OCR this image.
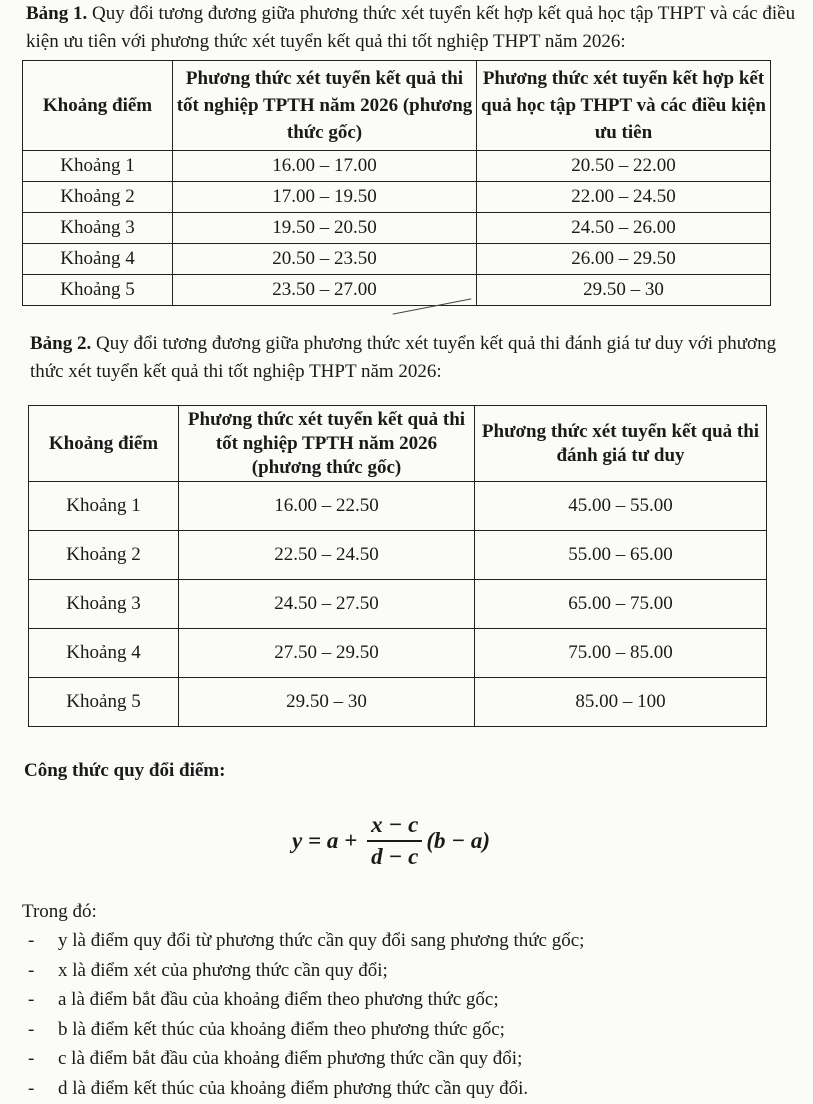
Bảng 1. Quy đổi tương đương giữa phương thức xét tuyển kết hợp kết quả học tập THPT và các điều kiện ưu tiên với phương thức xét tuyển kết quả thi tốt nghiệp THPT năm 2026:

Khoảng điểm	Phương thức xét tuyển kết quả thi tốt nghiệp TPTH năm 2026 (phương thức gốc)	Phương thức xét tuyển kết hợp kết quả học tập THPT và các điều kiện ưu tiên
Khoảng 1	16.00 – 17.00	20.50 – 22.00
Khoảng 2	17.00 – 19.50	22.00 – 24.50
Khoảng 3	19.50 – 20.50	24.50 – 26.00
Khoảng 4	20.50 – 23.50	26.00 – 29.50
Khoảng 5	23.50 – 27.00	29.50 – 30

Bảng 2. Quy đổi tương đương giữa phương thức xét tuyển kết quả thi đánh giá tư duy với phương thức xét tuyển kết quả thi tốt nghiệp THPT năm 2026:

Khoảng điểm	Phương thức xét tuyển kết quả thi tốt nghiệp TPTH năm 2026 (phương thức gốc)	Phương thức xét tuyển kết quả thi đánh giá tư duy
Khoảng 1	16.00 – 22.50	45.00 – 55.00
Khoảng 2	22.50 – 24.50	55.00 – 65.00
Khoảng 3	24.50 – 27.50	65.00 – 75.00
Khoảng 4	27.50 – 29.50	75.00 – 85.00
Khoảng 5	29.50 – 30	85.00 – 100

Công thức quy đổi điểm:

$y = a + \frac{x - c}{d - c} (b - a)$

Trong đó:

-	y là điểm quy đổi từ phương thức cần quy đổi sang phương thức gốc;
-	x là điểm xét của phương thức cần quy đổi;
-	a là điểm bắt đầu của khoảng điểm theo phương thức gốc;
-	b là điểm kết thúc của khoảng điểm theo phương thức gốc;
-	c là điểm bắt đầu của khoảng điểm phương thức cần quy đổi;
-	d là điểm kết thúc của khoảng điểm phương thức cần quy đổi.
